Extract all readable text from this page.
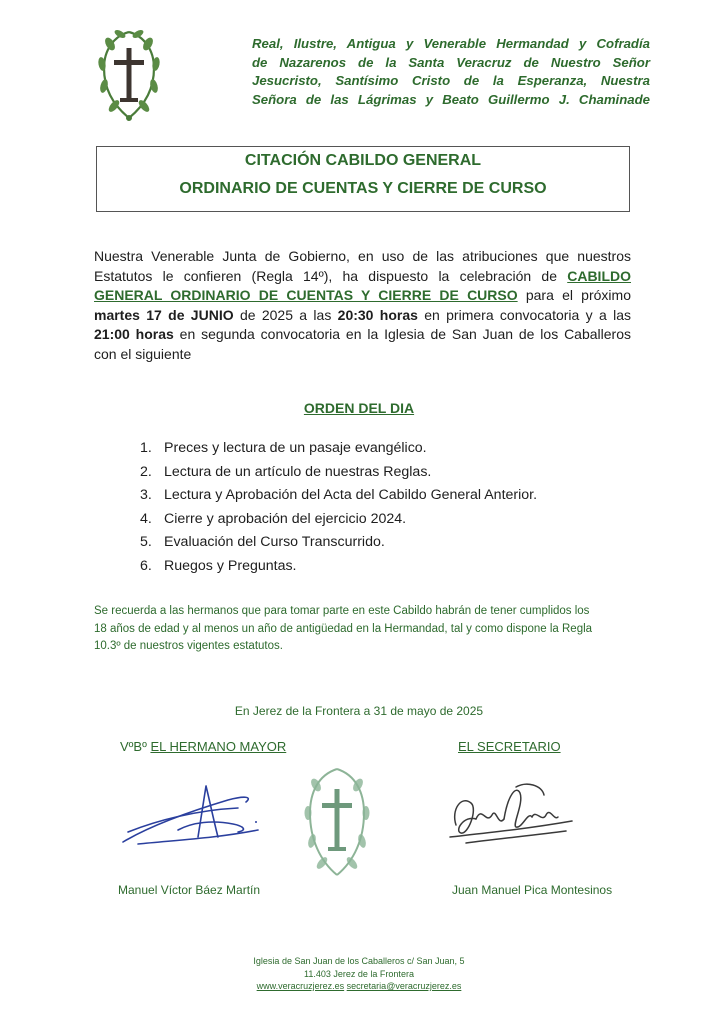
Real, Ilustre, Antigua y Venerable Hermandad y Cofradía
de Nazarenos de la Santa Veracruz de Nuestro Señor
Jesucristo, Santísimo Cristo de la Esperanza, Nuestra
Señora de las Lágrimas y Beato Guillermo J. Chaminade
CITACIÓN CABILDO GENERAL
ORDINARIO DE CUENTAS Y CIERRE DE CURSO
Nuestra Venerable Junta de Gobierno, en uso de las atribuciones que nuestros Estatutos le confieren (Regla 14º), ha dispuesto la celebración de CABILDO GENERAL ORDINARIO DE CUENTAS Y CIERRE DE CURSO para el próximo martes 17 de JUNIO de 2025 a las 20:30 horas en primera convocatoria y a las 21:00 horas en segunda convocatoria en la Iglesia de San Juan de los Caballeros con el siguiente
ORDEN DEL DIA
1. Preces y lectura de un pasaje evangélico.
2. Lectura de un artículo de nuestras Reglas.
3. Lectura y Aprobación del Acta del Cabildo General Anterior.
4. Cierre y aprobación del ejercicio 2024.
5. Evaluación del Curso Transcurrido.
6. Ruegos y Preguntas.
Se recuerda a las hermanos que para tomar parte en este Cabildo habrán de tener cumplidos los
18 años de edad y al menos un año de antigüedad en la Hermandad, tal y como dispone la Regla
10.3º de nuestros vigentes estatutos.
En Jerez de la Frontera a 31 de mayo de 2025
VºBº EL HERMANO MAYOR	EL SECRETARIO
Manuel Víctor Báez Martín	Juan Manuel Pica Montesinos
Iglesia de San Juan de los Caballeros c/ San Juan, 5
11.403 Jerez de la Frontera
www.veracruzjerez.es secretaria@veracruzjerez.es
